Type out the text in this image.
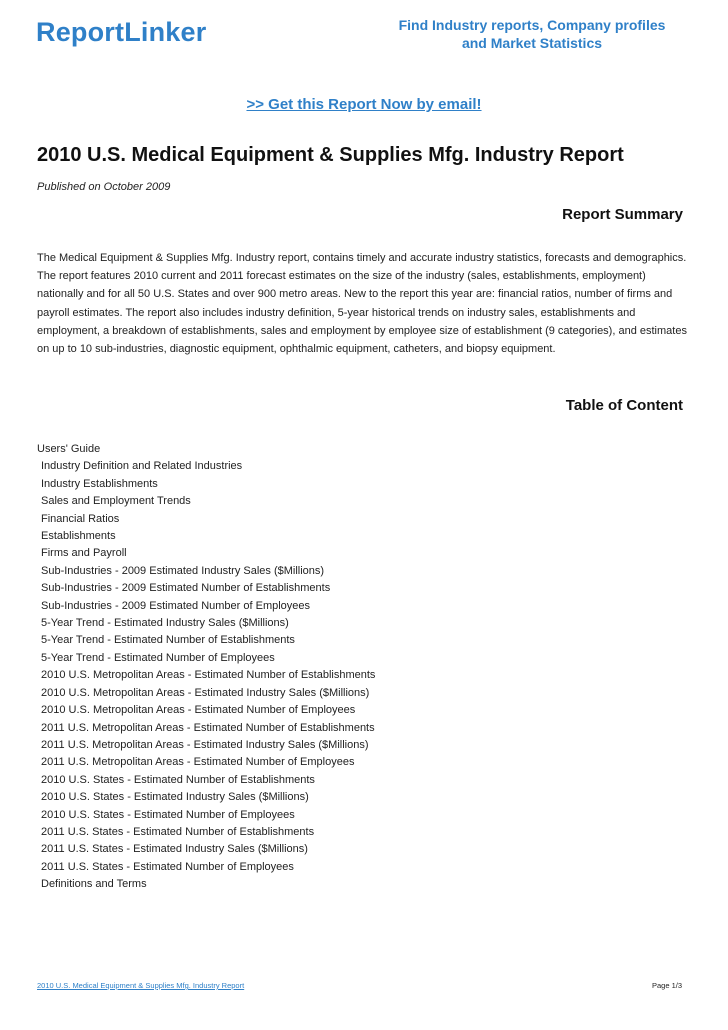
ReportLinker	Find Industry reports, Company profiles
and Market Statistics
>> Get this Report Now by email!
2010 U.S. Medical Equipment & Supplies Mfg. Industry Report
Published on October 2009
Report Summary

The Medical Equipment & Supplies Mfg. Industry report, contains timely and accurate industry statistics, forecasts and demographics. The report features 2010 current and 2011 forecast estimates on the size of the industry (sales, establishments, employment) nationally and for all 50 U.S. States and over 900 metro areas. New to the report this year are: financial ratios, number of firms and payroll estimates. The report also includes industry definition, 5-year historical trends on industry sales, establishments and employment, a breakdown of establishments, sales and employment by employee size of establishment (9 categories), and estimates on up to 10 sub-industries, diagnostic equipment, ophthalmic equipment, catheters, and biopsy equipment.

Table of Content
Users' Guide
Industry Definition and Related Industries
Industry Establishments
Sales and Employment Trends
Financial Ratios
Establishments
Firms and Payroll
Sub-Industries - 2009 Estimated Industry Sales ($Millions)
Sub-Industries - 2009 Estimated Number of Establishments
Sub-Industries - 2009 Estimated Number of Employees
5-Year Trend - Estimated Industry Sales ($Millions)
5-Year Trend - Estimated Number of Establishments
5-Year Trend - Estimated Number of Employees
2010 U.S. Metropolitan Areas - Estimated Number of Establishments
2010 U.S. Metropolitan Areas - Estimated Industry Sales ($Millions)
2010 U.S. Metropolitan Areas - Estimated Number of Employees
2011 U.S. Metropolitan Areas - Estimated Number of Establishments
2011 U.S. Metropolitan Areas - Estimated Industry Sales ($Millions)
2011 U.S. Metropolitan Areas - Estimated Number of Employees
2010 U.S. States - Estimated Number of Establishments
2010 U.S. States - Estimated Industry Sales ($Millions)
2010 U.S. States - Estimated Number of Employees
2011 U.S. States - Estimated Number of Establishments
2011 U.S. States - Estimated Industry Sales ($Millions)
2011 U.S. States - Estimated Number of Employees
Definitions and Terms
2010 U.S. Medical Equipment & Supplies Mfg. Industry Report	Page 1/3
